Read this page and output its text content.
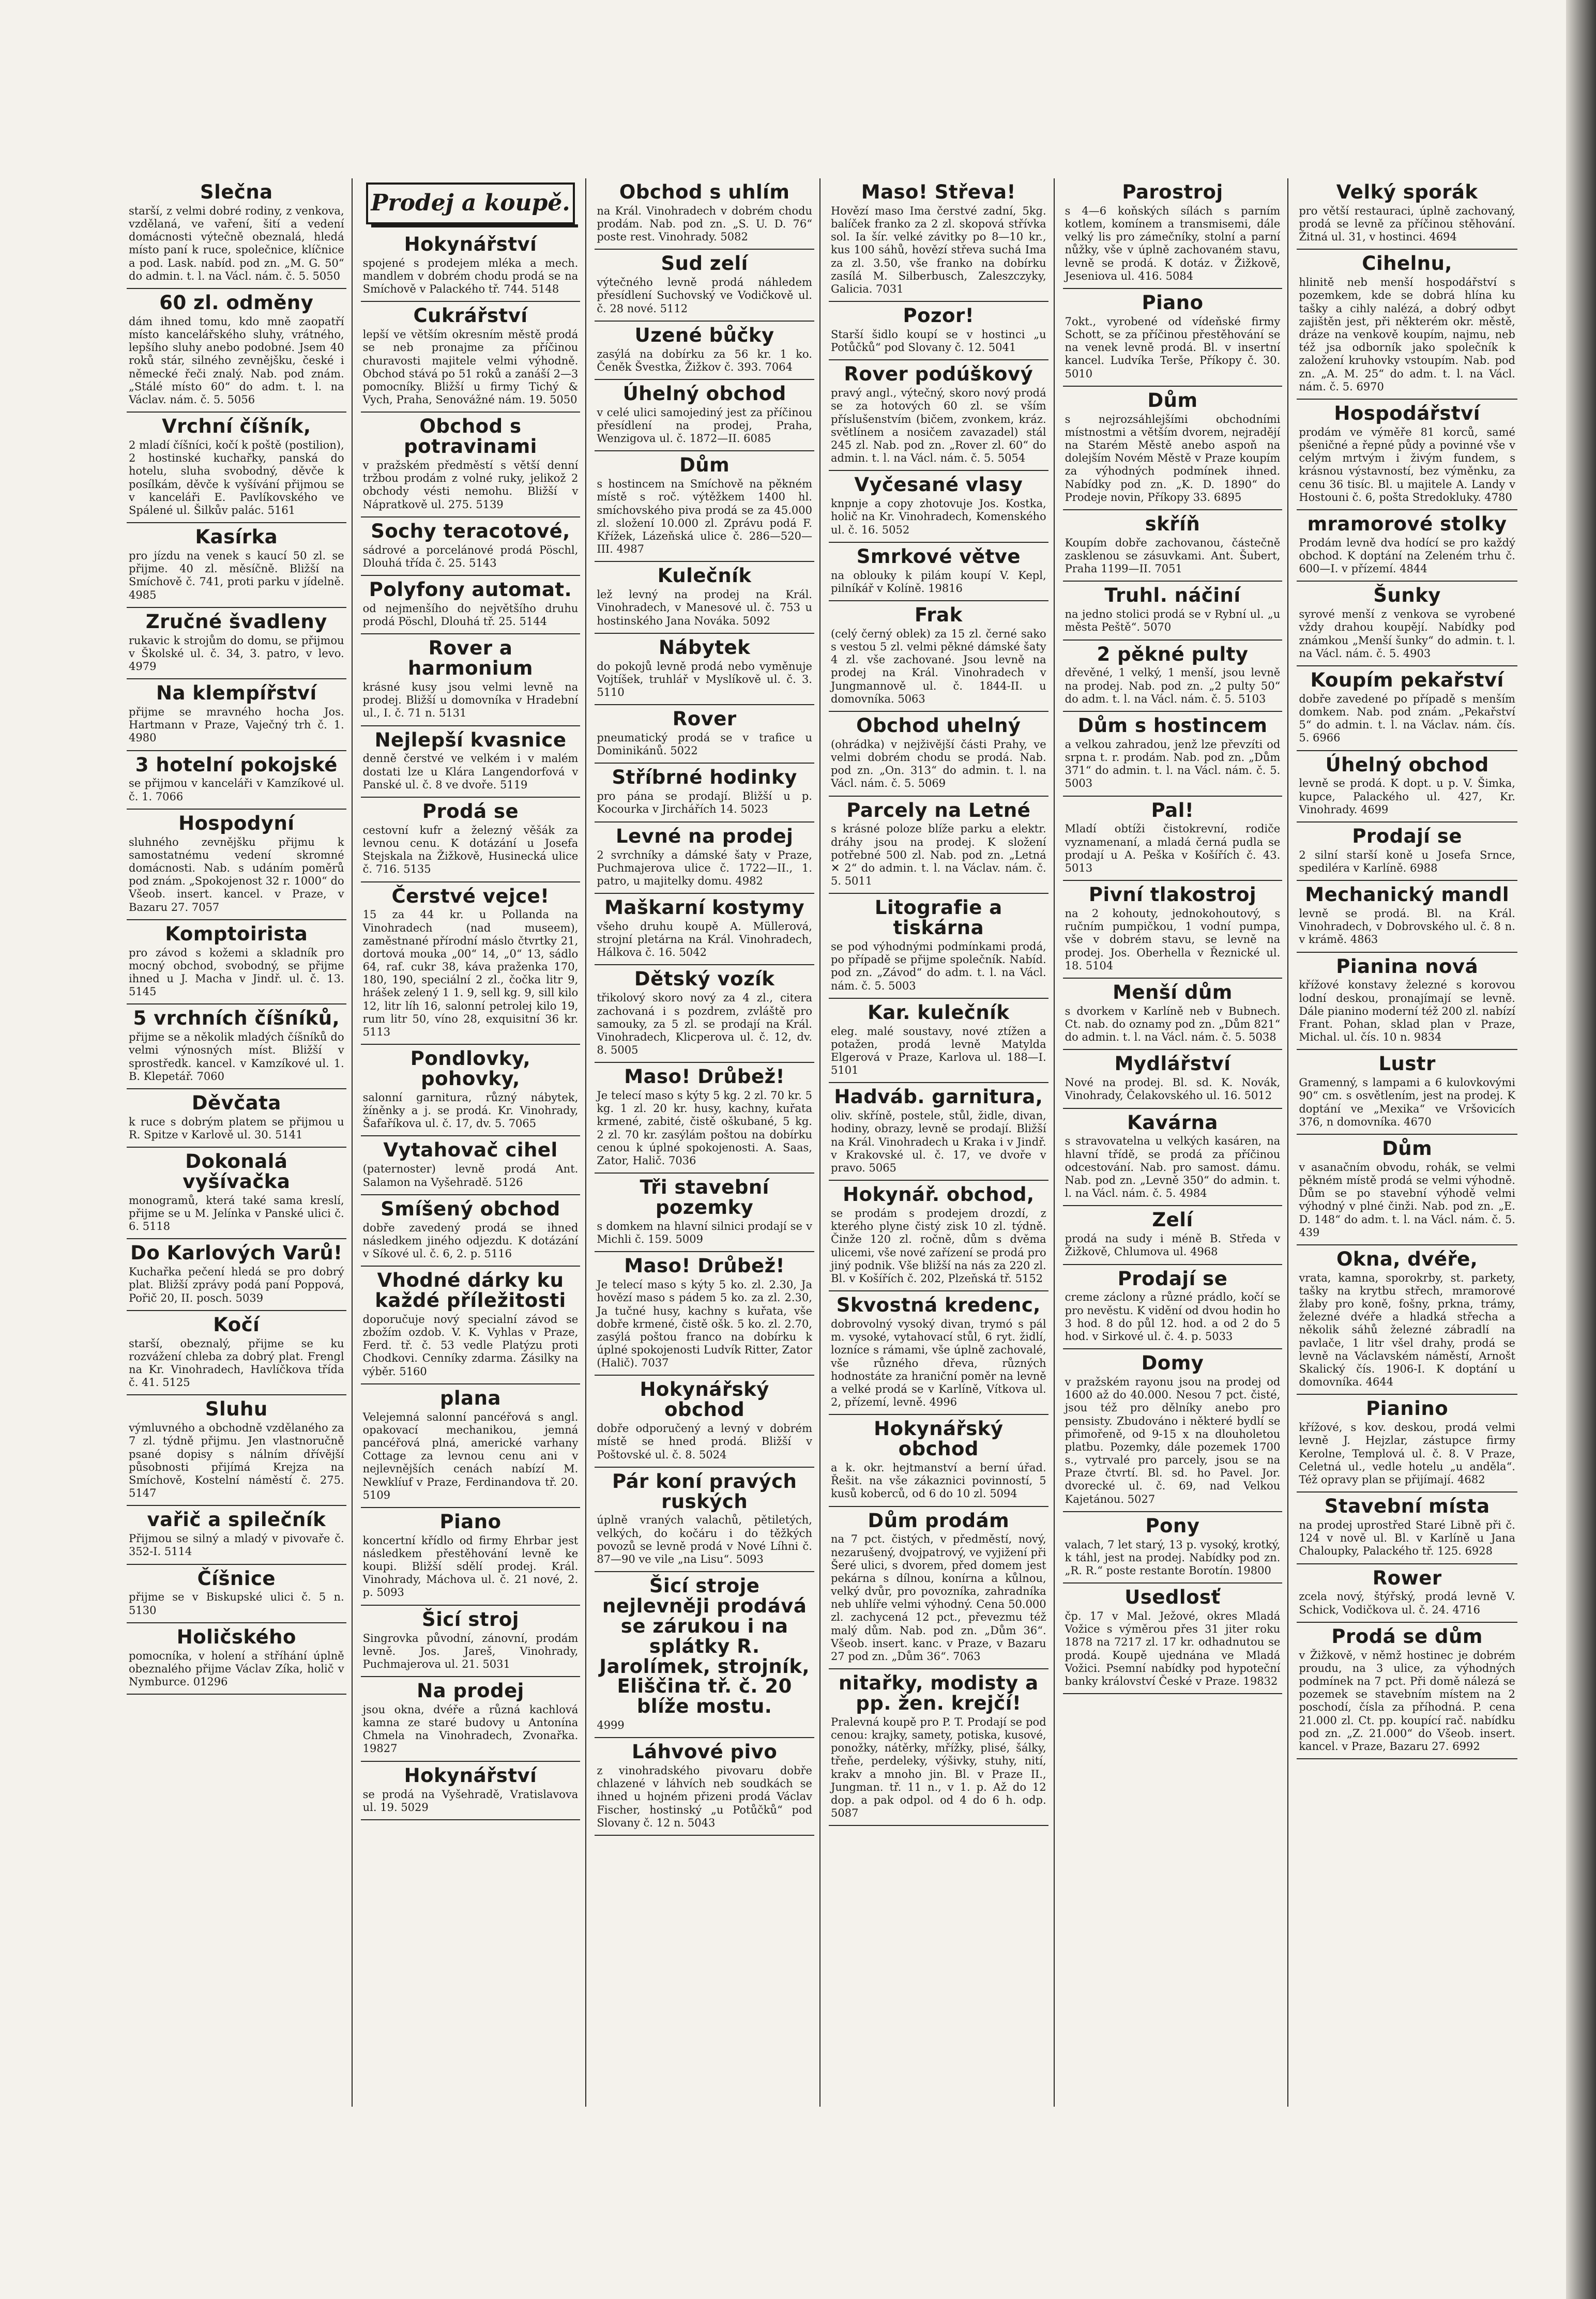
Slečna
starší, z velmi dobré rodiny, z venkova, vzdělaná, ve vaření, šití a vedení domácnosti výtečně obeznalá, hledá místo paní k ruce, společnice, klíčnice a pod. Lask. nabíd. pod zn. „M. G. 50“ do admin. t. l. na Václ. nám. č. 5. 5050
60 zl. odměny
dám ihned tomu, kdo mně zaopatří místo kancelářského sluhy, vrátného, lepšího sluhy anebo podobné. Jsem 40 roků stár, silného zevnějšku, české i německé řeči znalý. Nab. pod znám. „Stálé místo 60“ do adm. t. l. na Václav. nám. č. 5. 5056
Vrchní číšník,
2 mladí číšníci, kočí k poště (postilion), 2 hostinské kuchařky, panská do hotelu, sluha svobodný, děvče k posílkám, děvče k vyšívání přijmou se v kanceláři E. Pavlíkovského ve Spálené ul. Šilkův palác. 5161
Kasírka
pro jízdu na venek s kaucí 50 zl. se přijme. 40 zl. měsíčně. Bližší na Smíchově č. 741, proti parku v jídelně. 4985
Zručné švadleny
rukavic k strojům do domu, se přijmou v Školské ul. č. 34, 3. patro, v levo. 4979
Na klempířství
přijme se mravného hocha Jos. Hartmann v Praze, Vaječný trh č. 1. 4980
3 hotelní pokojské
se přijmou v kanceláři v Kamzíkové ul. č. 1. 7066
Hospodyní
sluhného zevnějšku přijmu k samostatnému vedení skromné domácnosti. Nab. s udáním poměrů pod znám. „Spokojenost 32 r. 1000“ do Všeob. insert. kancel. v Praze, v Bazaru 27. 7057
Komptoirista
pro závod s kožemi a skladník pro mocný obchod, svobodný, se přijme ihned u J. Macha v Jindř. ul. č. 13. 5145
5 vrchních číšníků,
přijme se a několik mladých číšníků do velmi výnosných míst. Bližší v sprostředk. kancel. v Kamzíkové ul. 1. B. Klepetář. 7060
Děvčata
k ruce s dobrým platem se přijmou u R. Spitze v Karlově ul. 30. 5141
Dokonalá vyšívačka
monogramů, která také sama kreslí, přijme se u M. Jelínka v Panské ulici č. 6. 5118
Do Karlových Varů!
Kuchařka pečení hledá se pro dobrý plat. Bližší zprávy podá paní Poppová, Pořič 20, II. posch. 5039
Kočí
starší, obeznalý, přijme se ku rozvážení chleba za dobrý plat. Frengl na Kr. Vinohradech, Havlíčkova třída č. 41. 5125
Sluhu
výmluvného a obchodně vzdělaného za 7 zl. týdně přijmu. Jen vlastnoručně psané dopisy s nálním dřívější působnosti přijímá Krejza na Smíchově, Kostelní náměstí č. 275. 5147
vařič a spilečník
Přijmou se silný a mladý v pivovaře č. 352-I. 5114
Číšnice
přijme se v Biskupské ulici č. 5 n. 5130
Holičského
pomocníka, v holení a stříhání úplně obeznalého přijme Václav Zíka, holič v Nymburce. 01296
Prodej a koupě.
Hokynářství
spojené s prodejem mléka a mech. mandlem v dobrém chodu prodá se na Smíchově v Palackého tř. 744. 5148
Cukrářství
lepší ve větším okresním městě prodá se neb pronajme za příčinou churavosti majitele velmi výhodně. Obchod stává po 51 roků a zanáší 2—3 pomocníky. Bližší u firmy Tichý & Vych, Praha, Senovážné nám. 19. 5050
Obchod s potravinami
v pražském předměstí s větší denní tržbou prodám z volné ruky, jelikož 2 obchody vésti nemohu. Bližší v Nápratkově ul. 275. 5139
Sochy teracotové,
sádrové a porcelánové prodá Pöschl, Dlouhá třída č. 25. 5143
Polyfony automat.
od nejmenšího do největšího druhu prodá Pöschl, Dlouhá tř. 25. 5144
Rover a harmonium
krásné kusy jsou velmi levně na prodej. Bližší u domovníka v Hradební ul., I. č. 71 n. 5131
Nejlepší kvasnice
denně čerstvé ve velkém i v malém dostati lze u Klára Langendorfová v Panské ul. č. 8 ve dvoře. 5119
Prodá se
cestovní kufr a železný věšák za levnou cenu. K dotázání u Josefa Stejskala na Žižkově, Husinecká ulice č. 716. 5135
Čerstvé vejce!
15 za 44 kr. u Pollanda na Vinohradech (nad museem), zaměstnané přírodní máslo čtvrtky 21, dortová mouka „00“ 14, „0“ 13, sádlo 64, raf. cukr 38, káva praženka 170, 180, 190, speciální 2 zl., čočka litr 9, hrášek zelený 1 1. 9, sell kg. 9, sill kilo 12, litr líh 16, salonní petrolej kilo 19, rum litr 50, víno 28, exquisitní 36 kr. 5113
Pondlovky, pohovky,
salonní garnitura, různý nábytek, žíněnky a j. se prodá. Kr. Vinohrady, Šafaříkova ul. č. 17, dv. 5. 7065
Vytahovač cihel
(paternoster) levně prodá Ant. Salamon na Vyšehradě. 5126
Smíšený obchod
dobře zavedený prodá se ihned následkem jiného odjezdu. K dotázání v Síkové ul. č. 6, 2. p. 5116
Vhodné dárky ku každé příležitosti
doporučuje nový specialní závod se zbožím ozdob. V. K. Vyhlas v Praze, Ferd. tř. č. 53 vedle Platýzu proti Chodkovi. Cenníky zdarma. Zásilky na výběr. 5160
plana
Velejemná salonní pancéřová s angl. opakovací mechanikou, jemná pancéřová plná, americké varhany Cottage za levnou cenu ani v nejlevnějších cenách nabízí M. Newklíuf v Praze, Ferdinandova tř. 20. 5109
Piano
koncertní křídlo od firmy Ehrbar jest následkem přestěhování levně ke koupi. Bližší sdělí prodej. Král. Vinohrady, Máchova ul. č. 21 nové, 2. p. 5093
Šicí stroj
Singrovka původní, zánovní, prodám levně. Jos. Jareš, Vinohrady, Puchmajerova ul. 21. 5031
Na prodej
jsou okna, dvéře a různá kachlová kamna ze staré budovy u Antonína Chmela na Vinohradech, Zvonařka. 19827
Hokynářství
se prodá na Vyšehradě, Vratislavova ul. 19. 5029
Obchod s uhlím
na Král. Vinohradech v dobrém chodu prodám. Nab. pod zn. „S. U. D. 76“ poste rest. Vinohrady. 5082
Sud zelí
výtečného levně prodá náhledem přesídlení Suchovský ve Vodičkově ul. č. 28 nové. 5112
Uzené bůčky
zasýlá na dobírku za 56 kr. 1 ko. Čeněk Švestka, Žižkov č. 393. 7064
Úhelný obchod
v celé ulici samojediný jest za příčinou přesídlení na prodej, Praha, Wenzigova ul. č. 1872—II. 6085
Dům
s hostincem na Smíchově na pěkném místě s roč. výtěžkem 1400 hl. smíchovského piva prodá se za 45.000 zl. složení 10.000 zl. Zprávu podá F. Křížek, Lázeňská ulice č. 286—520—III. 4987
Kulečník
lež levný na prodej na Král. Vinohradech, v Manesové ul. č. 753 u hostinského Jana Nováka. 5092
Nábytek
do pokojů levně prodá nebo vyměnuje Vojtíšek, truhlář v Myslíkově ul. č. 3. 5110
Rover
pneumatický prodá se v trafice u Dominikánů. 5022
Stříbrné hodinky
pro pána se prodají. Bližší u p. Kocourka v Jirchářích 14. 5023
Levné na prodej
2 svrchníky a dámské šaty v Praze, Puchmajerova ulice č. 1722—II., 1. patro, u majitelky domu. 4982
Maškarní kostymy
všeho druhu koupě A. Müllerová, strojní pletárna na Král. Vinohradech, Hálkova č. 16. 5042
Dětský vozík
třikolový skoro nový za 4 zl., citera zachovaná i s pozdrem, zvláště pro samouky, za 5 zl. se prodají na Král. Vinohradech, Klicperova ul. č. 12, dv. 8. 5005
Maso! Drůbež!
Je telecí maso s kýty 5 kg. 2 zl. 70 kr. 5 kg. 1 zl. 20 kr. husy, kachny, kuřata krmené, zabité, čistě oškubané, 5 kg. 2 zl. 70 kr. zasýlám poštou na dobírku cenou k úplné spokojenosti. A. Saas, Zator, Halič. 7036
Tři stavební pozemky
s domkem na hlavní silnici prodají se v Michli č. 159. 5009
Maso! Drůbež!
Je telecí maso s kýty 5 ko. zl. 2.30, Ja hovězí maso s pádem 5 ko. za zl. 2.30, Ja tučné husy, kachny s kuřata, vše dobře krmené, čistě ošk. 5 ko. zl. 2.70, zasýlá poštou franco na dobírku k úplné spokojenosti Ludvík Ritter, Zator (Halič). 7037
Hokynářský obchod
dobře odporučený a levný v dobrém místě se hned prodá. Bližší v Poštovské ul. č. 8. 5024
Pár koní pravých ruských
úplně vraných valachů, pětiletých, velkých, do kočáru i do těžkých povozů se levně prodá v Nové Líhni č. 87—90 ve vile „na Lisu“. 5093
Šicí stroje nejlevněji prodává se zárukou i na splátky R. Jarolímek, strojník, Eliščina tř. č. 20 blíže mostu.
4999
Láhvové pivo
z vinohradského pivovaru dobře chlazené v láhvích neb soudkách se ihned u hojném přizeni prodá Václav Fischer, hostinský „u Potůčků“ pod Slovany č. 12 n. 5043
Maso! Střeva!
Hovězí maso Ima čerstvé zadní, 5kg. balíček franko za 2 zl. skopová střívka sol. Ia šír. velké závitky po 8—10 kr., kus 100 sáhů, hovězí střeva suchá Ima za zl. 3.50, vše franko na dobírku zasílá M. Silberbusch, Zaleszczyky, Galicia. 7031
Pozor!
Starší šidlo koupí se v hostinci „u Potůčků“ pod Slovany č. 12. 5041
Rover podúškový
pravý angl., výtečný, skoro nový prodá se za hotových 60 zl. se vším příslušenstvím (bičem, zvonkem, kráz. světlínem a nosičem zavazadel) stál 245 zl. Nab. pod zn. „Rover zl. 60“ do admin. t. l. na Václ. nám. č. 5. 5054
Vyčesané vlasy
knpnje a copy zhotovuje Jos. Kostka, holič na Kr. Vinohradech, Komenského ul. č. 16. 5052
Smrkové větve
na oblouky k pilám koupí V. Kepl, pilníkář v Kolíně. 19816
Frak
(celý černý oblek) za 15 zl. černé sako s vestou 5 zl. velmi pěkné dámské šaty 4 zl. vše zachované. Jsou levně na prodej na Král. Vinohradech v Jungmannově ul. č. 1844-II. u domovníka. 5063
Obchod uhelný
(ohrádka) v nejživější části Prahy, ve velmi dobrém chodu se prodá. Nab. pod zn. „On. 313“ do admin. t. l. na Václ. nám. č. 5. 5069
Parcely na Letné
s krásné poloze blíže parku a elektr. dráhy jsou na prodej. K složení potřebné 500 zl. Nab. pod zn. „Letná ✕ 2“ do admin. t. l. na Václav. nám. č. 5. 5011
Litografie a tiskárna
se pod výhodnými podmínkami prodá, po případě se přijme společník. Nabíd. pod zn. „Závod“ do adm. t. l. na Václ. nám. č. 5. 5003
Kar. kulečník
eleg. malé soustavy, nové ztížen a potažen, prodá levně Matylda Elgerová v Praze, Karlova ul. 188—I. 5101
Hadváb. garnitura,
oliv. skříně, postele, stůl, židle, divan, hodiny, obrazy, levně se prodají. Bližší na Král. Vinohradech u Kraka i v Jindř. v Krakovské ul. č. 17, ve dvoře v pravo. 5065
Hokynář. obchod,
se prodám s prodejem drozdí, z kterého plyne čistý zisk 10 zl. týdně. Činže 120 zl. ročně, dům s dvěma ulicemi, vše nové zařízení se prodá pro jiný podnik. Vše bližší na nás za 220 zl. Bl. v Košířích č. 202, Plzeňská tř. 5152
Skvostná kredenc,
dobrovolný vysoký divan, trymó s pál m. vysoké, vytahovací stůl, 6 ryt. židlí, lozníce s rámami, vše úplně zachovalé, vše různého dřeva, různých hodnostáte za hraniční poměr na levně a velké prodá se v Karlíně, Vítkova ul. 2, přízemí, levně. 4996
Hokynářský obchod
a k. okr. hejtmanství a berní úřad. Řešit. na vše zákaznici povinností, 5 kusů koberců, od 6 do 10 zl. 5094
Dům prodám
na 7 pct. čistých, v předměstí, nový, nezarušený, dvojpatrový, ve vyjižení při Šeré ulici, s dvorem, před domem jest pekárna s dílnou, konírna a kůlnou, velký dvůr, pro povozníka, zahradníka neb uhlíře velmi výhodný. Cena 50.000 zl. zachycená 12 pct., převezmu též malý dům. Nab. pod zn. „Dům 36“. Všeob. insert. kanc. v Praze, v Bazaru 27 pod zn. „Dům 36“. 7063
nitařky, modisty a pp. žen. krejčí!
Pralevná koupě pro P. T. Prodají se pod cenou: krajky, samety, potiska, kusové, ponožky, nátěrky, mřížky, plisé, šálky, třeňe, perdeleky, výšivky, stuhy, nití, krakv a mnoho jin. Bl. v Praze II., Jungman. tř. 11 n., v 1. p. Až do 12 dop. a pak odpol. od 4 do 6 h. odp. 5087
Parostroj
s 4—6 koňských sílách s parním kotlem, komínem a transmisemi, dále velký lis pro zámečníky, stolní a parní nůžky, vše v úplně zachovaném stavu, levně se prodá. K dotáz. v Žižkově, Jeseniova ul. 416. 5084
Piano
7okt., vyrobené od vídeňské firmy Schott, se za příčinou přestěhování se na venek levně prodá. Bl. v insertní kancel. Ludvíka Terše, Příkopy č. 30. 5010
Dům
s nejrozsáhlejšími obchodními místnostmi a větším dvorem, nejradějí na Starém Městě anebo aspoň na dolejším Novém Městě v Praze koupím za výhodných podmínek ihned. Nabídky pod zn. „K. D. 1890“ do Prodeje novin, Příkopy 33. 6895
skříň
Koupím dobře zachovanou, částečně zasklenou se zásuvkami. Ant. Šubert, Praha 1199—II. 7051
Truhl. náčiní
na jedno stolici prodá se v Rybní ul. „u města Peště“. 5070
2 pěkné pulty
dřevěné, 1 velký, 1 menší, jsou levně na prodej. Nab. pod zn. „2 pulty 50“ do adm. t. l. na Václ. nám. č. 5. 5103
Dům s hostincem
a velkou zahradou, jenž lze převzíti od srpna t. r. prodám. Nab. pod zn. „Dům 371“ do admin. t. l. na Václ. nám. č. 5. 5003
Pal!
Mladí obtíži čistokrevní, rodiče vyznamenaní, a mladá černá pudla se prodají u A. Peška v Košířích č. 43. 5013
Pivní tlakostroj
na 2 kohouty, jednokohoutový, s ručním pumpičkou, 1 vodní pumpa, vše v dobrém stavu, se levně na prodej. Jos. Oberhella v Řeznické ul. 18. 5104
Menší dům
s dvorkem v Karlíně neb v Bubnech. Ct. nab. do oznamy pod zn. „Dům 821“ do admin. t. l. na Václ. nám. č. 5. 5038
Mydlářství
Nové na prodej. Bl. sd. K. Novák, Vinohrady, Čelakovského ul. 16. 5012
Kavárna
s stravovatelna u velkých kasáren, na hlavní třídě, se prodá za příčinou odcestování. Nab. pro samost. dámu. Nab. pod zn. „Levně 350“ do admin. t. l. na Václ. nám. č. 5. 4984
Zelí
prodá na sudy i méně B. Středa v Žižkově, Chlumova ul. 4968
Prodají se
creme záclony a různé prádlo, kočí se pro nevěstu. K vidění od dvou hodin ho 3 hod. 8 do půl 12. hod. a od 2 do 5 hod. v Sirkové ul. č. 4. p. 5033
Domy
v pražském rayonu jsou na prodej od 1600 až do 40.000. Nesou 7 pct. čisté, jsou též pro dělníky anebo pro pensisty. Zbudováno i některé bydlí se přimořeně, od 9-15 x na dlouholetou platbu. Pozemky, dále pozemek 1700 s., vytrvalé pro parcely, jsou se na Praze čtvrtí. Bl. sd. ho Pavel. Jor. dvorecké ul. č. 69, nad Velkou Kajetánou. 5027
Pony
valach, 7 let starý, 13 p. vysoký, krotký, k táhl, jest na prodej. Nabídky pod zn. „R. R.“ poste restante Borotín. 19800
Usedlosť
čp. 17 v Mal. Ježové, okres Mladá Vožice s výměrou přes 31 jiter roku 1878 na 7217 zl. 17 kr. odhadnutou se prodá. Koupě ujednána ve Mladá Vožici. Psemní nabídky pod hypoteční banky království České v Praze. 19832
Velký sporák
pro větší restauraci, úplně zachovaný, prodá se levně za příčinou stěhování. Žitná ul. 31, v hostinci. 4694
Cihelnu,
hlinitě neb menší hospodářství s pozemkem, kde se dobrá hlína ku tašky a cihly nalézá, a dobrý odbyt zajištěn jest, při některém okr. městě, dráze na venkově koupím, najmu, neb též jsa odborník jako společník k založení kruhovky vstoupím. Nab. pod zn. „A. M. 25“ do adm. t. l. na Václ. nám. č. 5. 6970
Hospodářství
prodám ve výměře 81 korců, samé pšeničné a řepné půdy a povinné vše v celým mrtvým i živým fundem, s krásnou výstavností, bez výměnku, za cenu 36 tisíc. Bl. u majitele A. Landy v Hostouni č. 6, pošta Stredokluky. 4780
mramorové stolky
Prodám levně dva hodící se pro každý obchod. K doptání na Zeleném trhu č. 600—I. v přízemí. 4844
Šunky
syrové menší z venkova se vyrobené vždy drahou koupějí. Nabídky pod známkou „Menší šunky“ do admin. t. l. na Václ. nám. č. 5. 4903
Koupím pekařství
dobře zavedené po případě s menším domkem. Nab. pod znám. „Pekařství 5“ do admin. t. l. na Václav. nám. čís. 5. 6966
Úhelný obchod
levně se prodá. K dopt. u p. V. Šimka, kupce, Palackého ul. 427, Kr. Vinohrady. 4699
Prodají se
2 silní starší koně u Josefa Srnce, spediléra v Karlíně. 6988
Mechanický mandl
levně se prodá. Bl. na Král. Vinohradech, v Dobrovského ul. č. 8 n. v krámě. 4863
Pianina nová
křížové konstavy železné s korovou lodní deskou, pronajímají se levně. Dále pianino moderní též 200 zl. nabízí Frant. Pohan, sklad plan v Praze, Michal. ul. čís. 10 n. 9834
Lustr
Gramenný, s lampami a 6 kulovkovými 90“ cm. s osvětlením, jest na prodej. K doptání ve „Mexika“ ve Vršovicích 376, n domovníka. 4670
Dům
v asanačním obvodu, rohák, se velmi pěkném místě prodá se velmi výhodně. Dům se po stavební výhodě velmi výhodný v plné činži. Nab. pod zn. „E. D. 148“ do adm. t. l. na Václ. nám. č. 5. 439
Okna, dvéře,
vrata, kamna, sporokrby, st. parkety, tašky na krytbu střech, mramorové žlaby pro koně, fošny, prkna, trámy, železné dvéře a hladká střecha a několik sáhů železné zábradlí na pavlače, 1 litr všel drahy, prodá se levně na Václavském náměstí, Arnošt Skalický čís. 1906-I. K doptání u domovníka. 4644
Pianino
křížové, s kov. deskou, prodá velmi levně J. Hejzlar, zástupce firmy Kerolne, Templová ul. č. 8. V Praze, Celetná ul., vedle hotelu „u anděla“. Též opravy plan se přijímají. 4682
Stavební místa
na prodej uprostřed Staré Libně při č. 124 v nově ul. Bl. v Karlíně u Jana Chaloupky, Palackého tř. 125. 6928
Rower
zcela nový, štýřský, prodá levně V. Schick, Vodičkova ul. č. 24. 4716
Prodá se dům
v Žižkově, v němž hostinec je dobrém proudu, na 3 ulice, za výhodných podmínek na 7 pct. Při domě nálezá se pozemek se stavebním místem na 2 poschodí, čísla za příhodná. P. cena 21.000 zl. Ct. pp. koupící rač. nabídku pod zn. „Z. 21.000“ do Všeob. insert. kancel. v Praze, Bazaru 27. 6992
